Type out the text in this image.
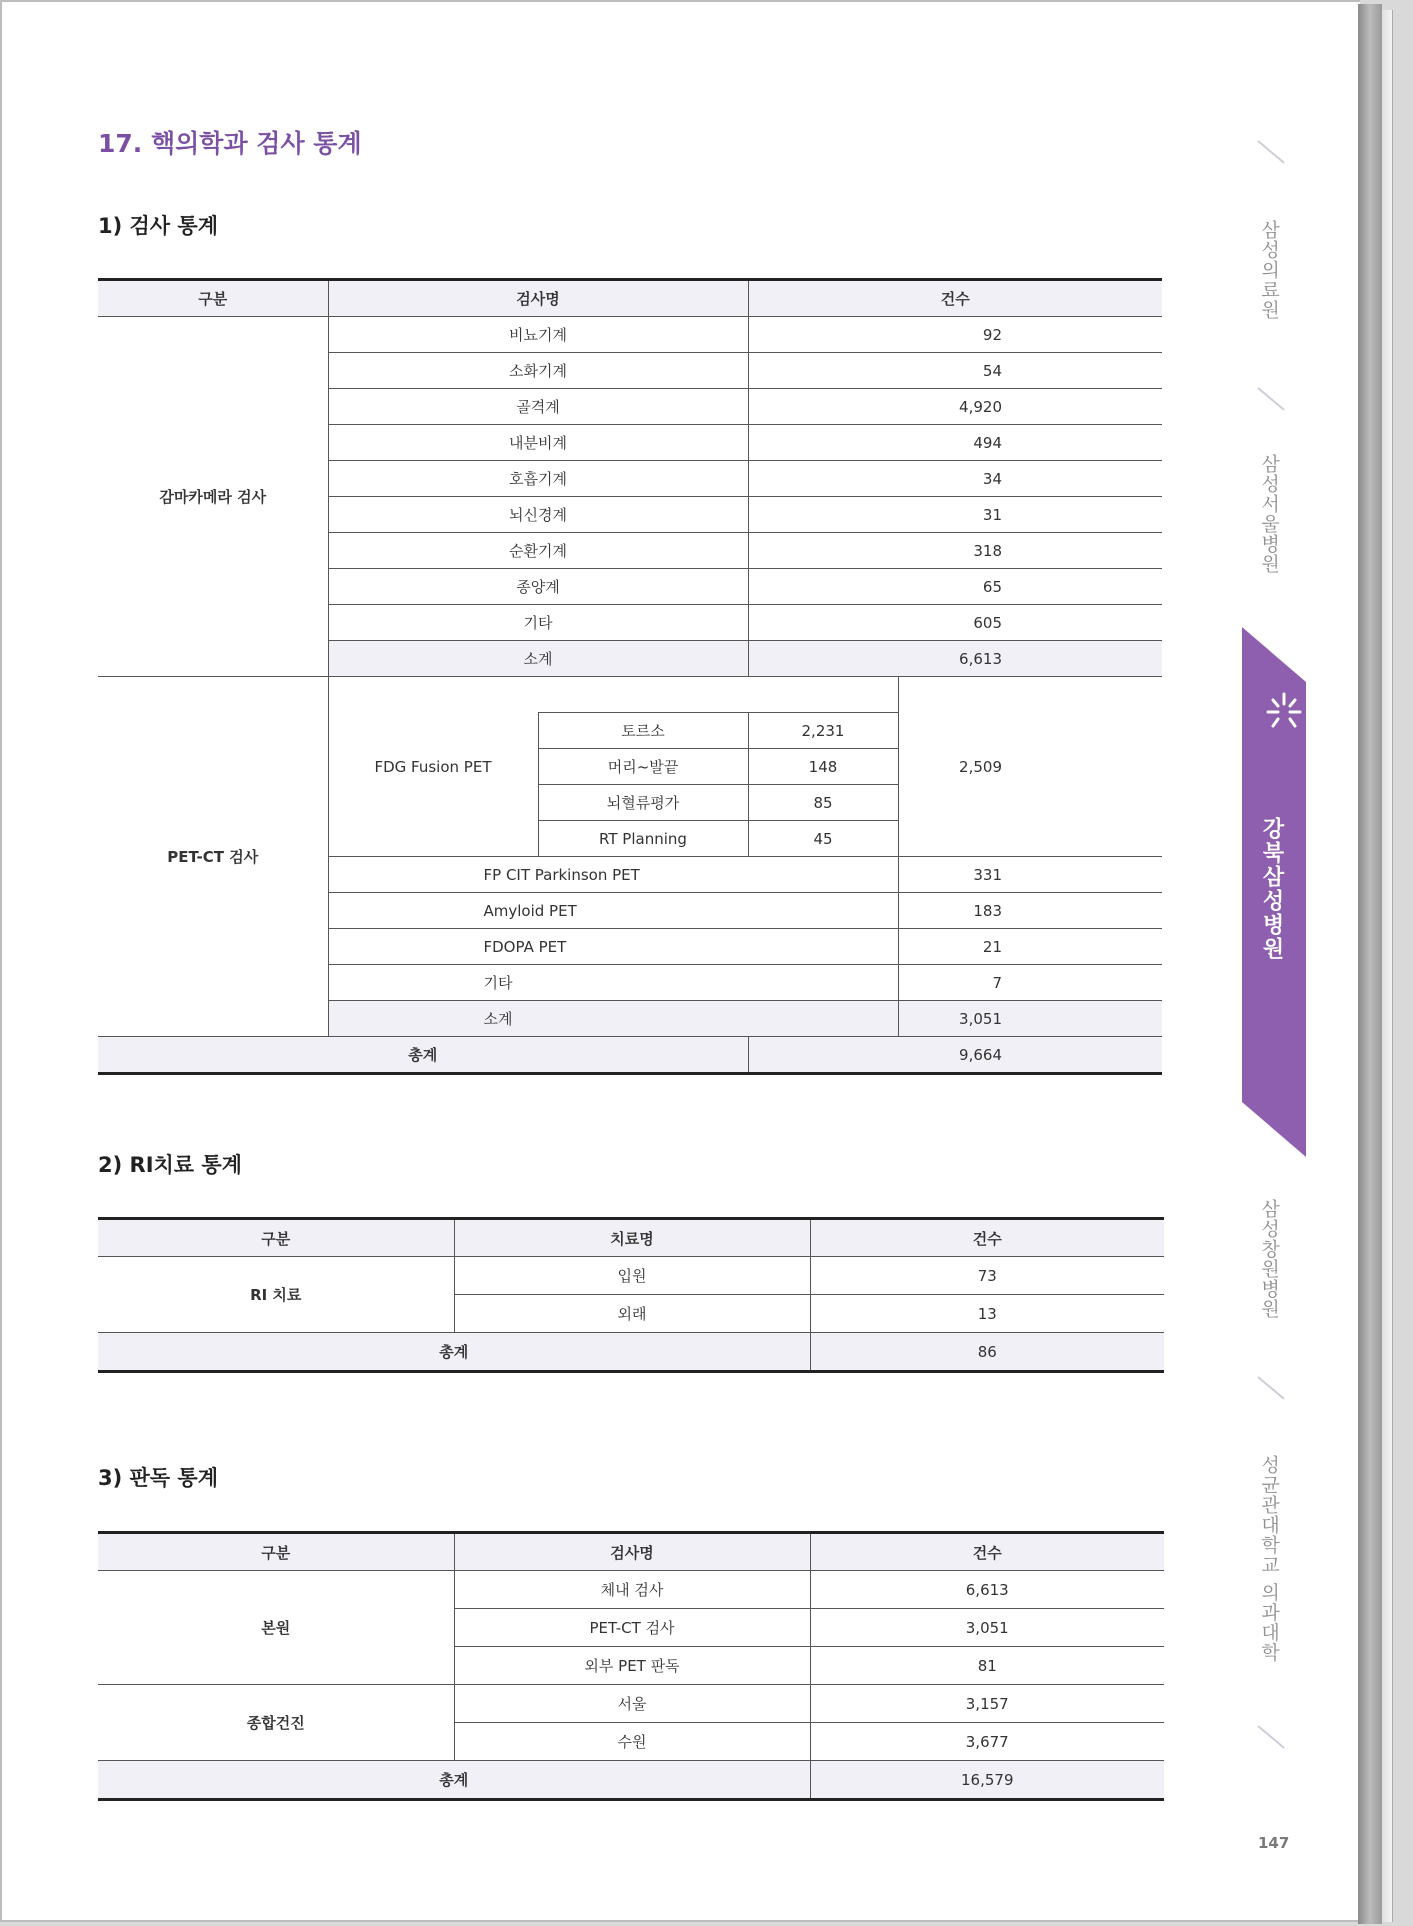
17. 핵의학과 검사 통계
1) 검사 통계
구분	검사명		건수	
감마카메라 검사	비뇨기계		92	
	소화기계		54	
	골격계		4,920	
	내분비계		494	
	호흡기계		34	
	뇌신경계		31	
	순환기계		318	
	종양계		65	
	기타		605	
	소계		6,613	
PET-CT 검사	FDG Fusion PET			2,509
		토르소	2,231	
		머리~발끝	148	
		뇌혈류평가	85	
		RT Planning	45	
	FP CIT Parkinson PET			331
	Amyloid PET			183
	FDOPA PET			21
	기타			7
	소계			3,051
총계			9,664	
2) RI치료 통계
구분	치료명	건수
RI 치료	입원	73
	외래	13
총계		86
3) 판독 통계
구분	검사명	건수
본원	체내 검사	6,613
	PET-CT 검사	3,051
	외부 PET 판독	81
종합건진	서울	3,157
	수원	3,677
총계		16,579
삼성의료원
삼성서울병원
강북삼성병원
삼성창원병원
성균관대학교 의과대학
147
